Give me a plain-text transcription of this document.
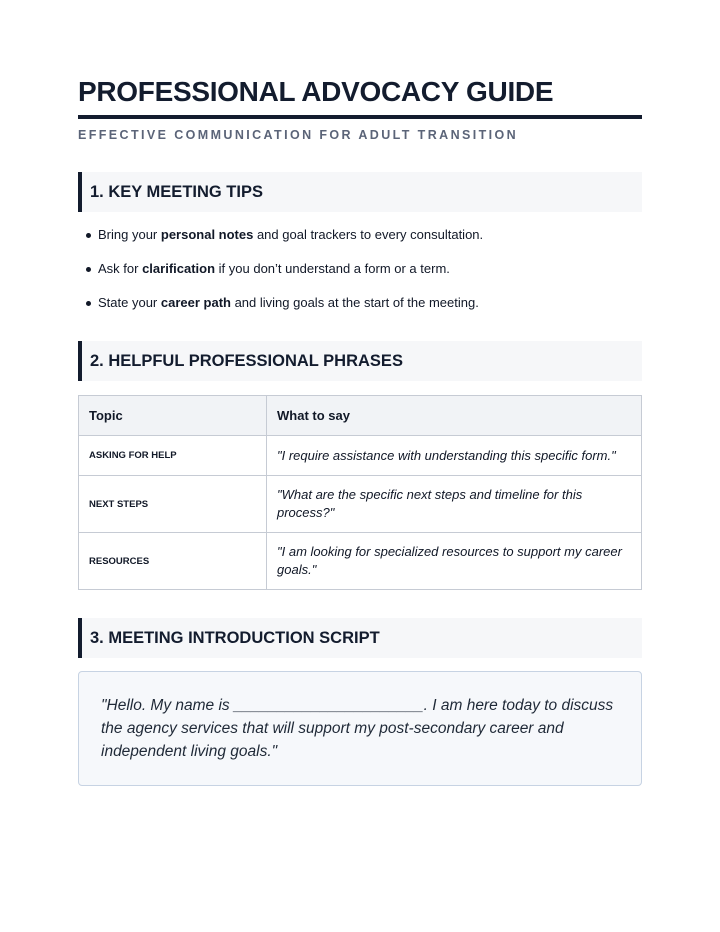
PROFESSIONAL ADVOCACY GUIDE
EFFECTIVE COMMUNICATION FOR ADULT TRANSITION
1. KEY MEETING TIPS
Bring your personal notes and goal trackers to every consultation.
Ask for clarification if you don’t understand a form or a term.
State your career path and living goals at the start of the meeting.
2. HELPFUL PROFESSIONAL PHRASES
Topic	What to say
ASKING FOR HELP	"I require assistance with understanding this specific form."
NEXT STEPS	"What are the specific next steps and timeline for this process?"
RESOURCES	"I am looking for specialized resources to support my career goals."
3. MEETING INTRODUCTION SCRIPT

"Hello. My name is ______________________. I am here today to discuss the agency services that will support my post-secondary career and independent living goals."
